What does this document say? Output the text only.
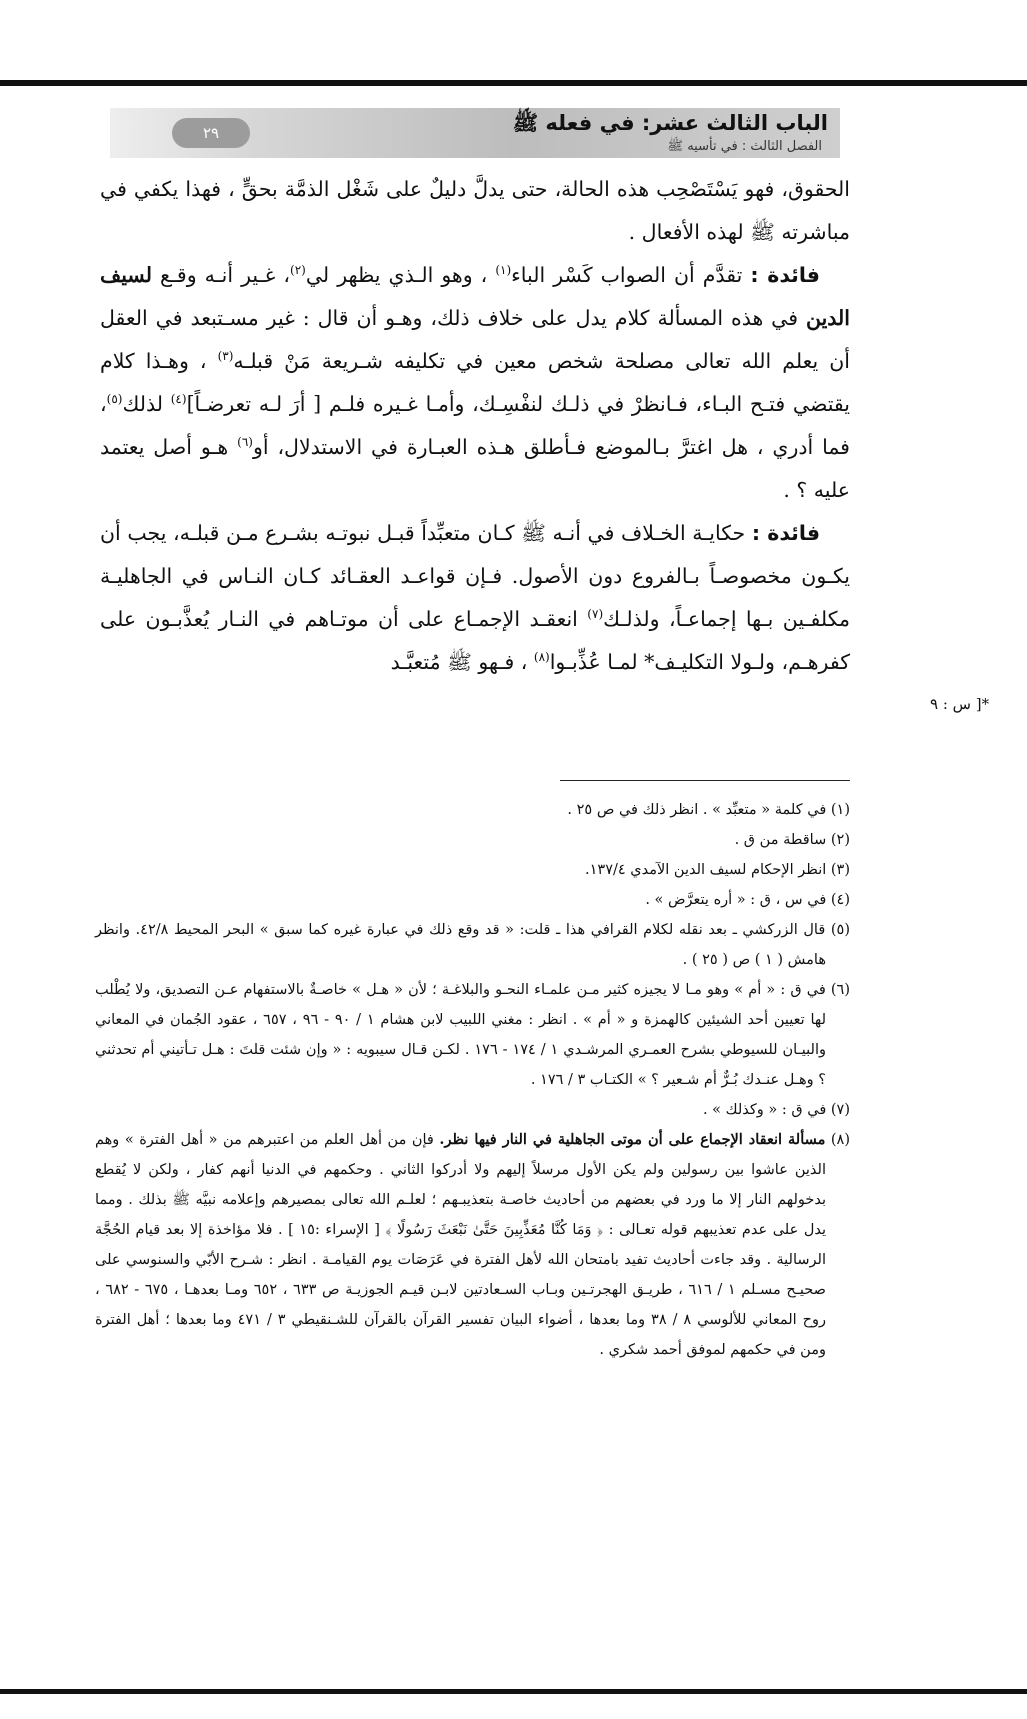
الباب الثالث عشر: في فعله ﷺ
الفصل الثالث : في تأسيه ﷺ
٢٩

الحقوق، فهو يَسْتَصْحِب هذه الحالة، حتى يدلَّ دليلٌ على شَغْل الذمَّة بحقٍّ ، فهذا يكفي في مباشرته ﷺ لهذه الأفعال .

فائدة : تقدَّم أن الصواب كَسْر الباء$^{(١)}$ ، وهو الـذي يظهر لي$^{(٢)}$، غـير أنـه وقـع لسيف الدين في هذه المسألة كلام يدل على خلاف ذلك، وهـو أن قال : غير مسـتبعد في العقل أن يعلم الله تعالى مصلحة شخص معين في تكليفه شـريعة مَنْ قبلـه$^{(٣)}$ ، وهـذا كلام يقتضي فتـح البـاء، فـانظرْ في ذلـك لنفْسِـك، وأمـا غـيره فلـم [ أرَ لـه تعرضـاً]$^{(٤)}$ لذلك$^{(٥)}$، فما أدري ، هل اغترَّ بـالموضع فـأطلق هـذه العبـارة في الاستدلال، أو$^{(٦)}$ هـو أصل يعتمد عليه ؟ .

فائدة : حكايـة الخـلاف في أنـه ﷺ كـان متعبِّداً قبـل نبوتـه بشـرع مـن قبلـه، يجب أن يكـون مخصوصـاً بـالفروع دون الأصول. فـإن قواعـد العقـائد كـان النـاس في الجاهليـة مكلفـين بـها إجماعـاً، ولذلـك$^{(٧)}$ انعقـد الإجمـاع على أن موتـاهم في النـار يُعذَّبـون على كفرهـم، ولـولا التكليـف* لمـا عُذِّبـوا$^{(٨)}$ ، فـهو ﷺ مُتعبَّـد

*[ س : ٩

(١) في كلمة « متعبِّد » . انظر ذلك في ص ٢٥ .

(٢) ساقطة من ق .

(٣) انظر الإحكام لسيف الدين الآمدي ١٣٧/٤.

(٤) في س ، ق : « أره يتعرَّض » .

(٥) قال الزركشي ـ بعد نقله لكلام القرافي هذا ـ قلت: « قد وقع ذلك في عبارة غيره كما سبق » البحر المحيط ٤٢/٨. وانظر هامش ( ١ ) ص ( ٢٥ ) .

(٦) في ق : « أم » وهو مـا لا يجيزه كثير مـن علمـاء النحـو والبلاغـة ؛ لأن « هـل » خاصـةٌ بالاستفهام عـن التصديق، ولا يُطْلب لها تعيين أحد الشيئين كالهمزة و « أم » . انظر : مغني اللبيب لابن هشام ١ / ٩٠ - ٩٦ ، ٦٥٧ ، عقود الجُمان في المعاني والبيـان للسيوطي بشرح العمـري المرشـدي ١ / ١٧٤ - ١٧٦ . لكـن قـال سيبويه : « وإن شئت قلتَ : هـل تـأتيني أم تحدثني ؟ وهـل عنـدك بُـرٌّ أم شـعير ؟ » الكتـاب ٣ / ١٧٦ .

(٧) في ق : « وكذلك » .

(٨) مسألة انعقاد الإجماع على أن موتى الجاهلية في النار فيها نظر. فإن من أهل العلم من اعتبرهم من « أهل الفترة » وهم الذين عاشوا بين رسولين ولم يكن الأول مرسلاً إليهم ولا أدركوا الثاني . وحكمهم في الدنيا أنهم كفار ، ولكن لا يُقطع بدخولهم النار إلا ما ورد في بعضهم من أحاديث خاصـة بتعذيبـهم ؛ لعلـم الله تعالى بمصيرهم وإعلامه نبيَّه ﷺ بذلك . ومما يدل على عدم تعذيبهم قوله تعـالى : ﴿ وَمَا كُنَّا مُعَذِّبِينَ حَتَّىٰ نَبْعَثَ رَسُولًا ﴾ [ الإسراء :١٥ ] . فلا مؤاخذة إلا بعد قيام الحُجَّة الرسالية . وقد جاءت أحاديث تفيد بامتحان الله لأهل الفترة في عَرَصَات يوم القيامـة . انظر : شـرح الأبّي والسنوسي على صحيـح مسـلم ١ / ٦١٦ ، طريـق الهجرتـين وبـاب السـعادتين لابـن قيـم الجوزيـة ص ٦٣٣ ، ٦٥٢ ومـا بعدهـا ، ٦٧٥ - ٦٨٢ ، روح المعاني للألوسي ٨ / ٣٨ وما بعدها ، أضواء البيان تفسير القرآن بالقرآن للشـنقيطي ٣ / ٤٧١ وما بعدها ؛ أهل الفترة ومن في حكمهم لموفق أحمد شكري .
